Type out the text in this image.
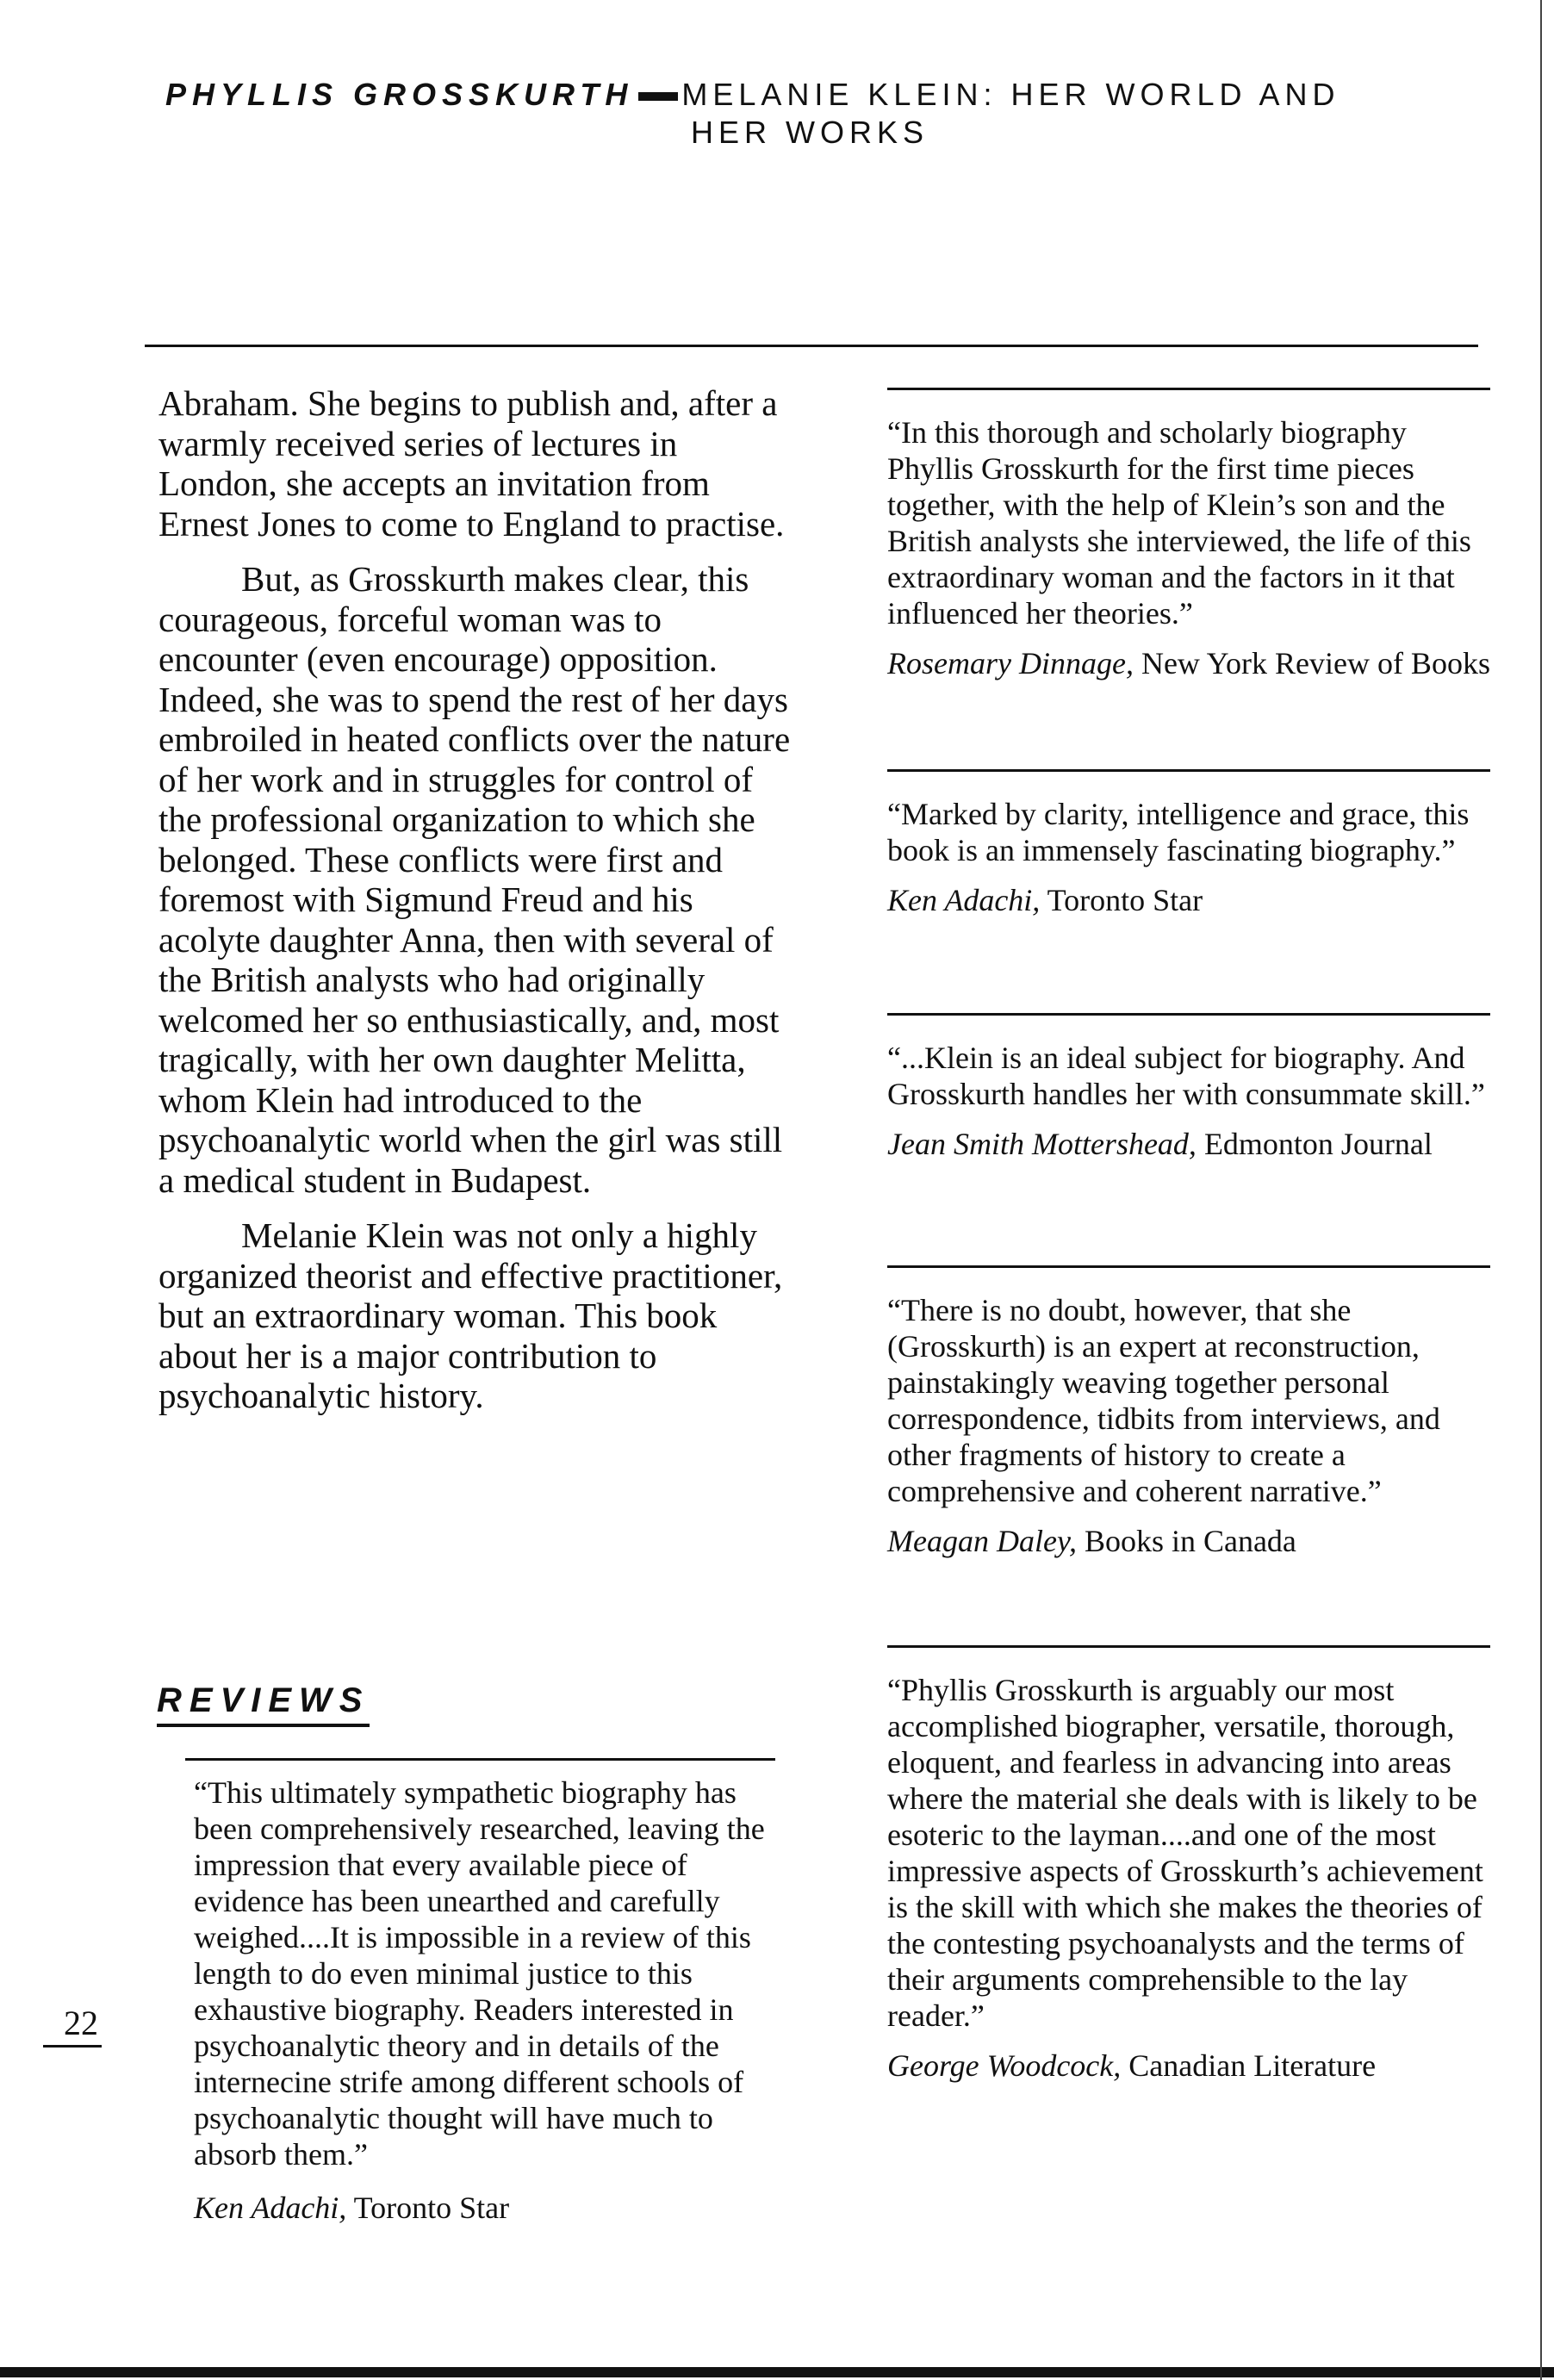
PHYLLIS GROSSKURTH MELANIE KLEIN: HER WORLD AND
HER WORKS

Abraham. She begins to publish and, after a warmly received series of lectures in London, she accepts an invitation from Ernest Jones to come to England to practise.

But, as Grosskurth makes clear, this courageous, forceful woman was to encounter (even encourage) opposition. Indeed, she was to spend the rest of her days embroiled in heated conflicts over the nature of her work and in struggles for control of the professional organization to which she belonged. These conflicts were first and foremost with Sigmund Freud and his acolyte daughter Anna, then with several of the British analysts who had originally welcomed her so enthusiastically, and, most tragically, with her own daughter Melitta, whom Klein had introduced to the psychoanalytic world when the girl was still a medical student in Budapest.

Melanie Klein was not only a highly organized theorist and effective practitioner, but an extraordinary woman. This book about her is a major contribution to psychoanalytic history.

REVIEWS

“This ultimately sympathetic biography has been comprehensively researched, leaving the impression that every available piece of evidence has been unearthed and carefully weighed....It is impossible in a review of this length to do even minimal justice to this exhaustive biography. Readers interested in psychoanalytic theory and in details of the internecine strife among different schools of psychoanalytic thought will have much to absorb them.”

Ken Adachi, Toronto Star

“In this thorough and scholarly biography Phyllis Grosskurth for the first time pieces together, with the help of Klein’s son and the British analysts she interviewed, the life of this extraordinary woman and the factors in it that influenced her theories.”

Rosemary Dinnage, New York Review of Books

“Marked by clarity, intelligence and grace, this book is an immensely fascinating biography.”

Ken Adachi, Toronto Star

“...Klein is an ideal subject for biography. And Grosskurth handles her with consummate skill.”

Jean Smith Mottershead, Edmonton Journal

“There is no doubt, however, that she (Grosskurth) is an expert at reconstruction, painstakingly weaving together personal correspondence, tidbits from interviews, and other fragments of history to create a comprehensive and coherent narrative.”

Meagan Daley, Books in Canada

“Phyllis Grosskurth is arguably our most accomplished biographer, versatile, thorough, eloquent, and fearless in advancing into areas where the material she deals with is likely to be esoteric to the layman....and one of the most impressive aspects of Grosskurth’s achievement is the skill with which she makes the theories of the contesting psychoanalysts and the terms of their arguments comprehensible to the lay reader.”

George Woodcock, Canadian Literature

22
